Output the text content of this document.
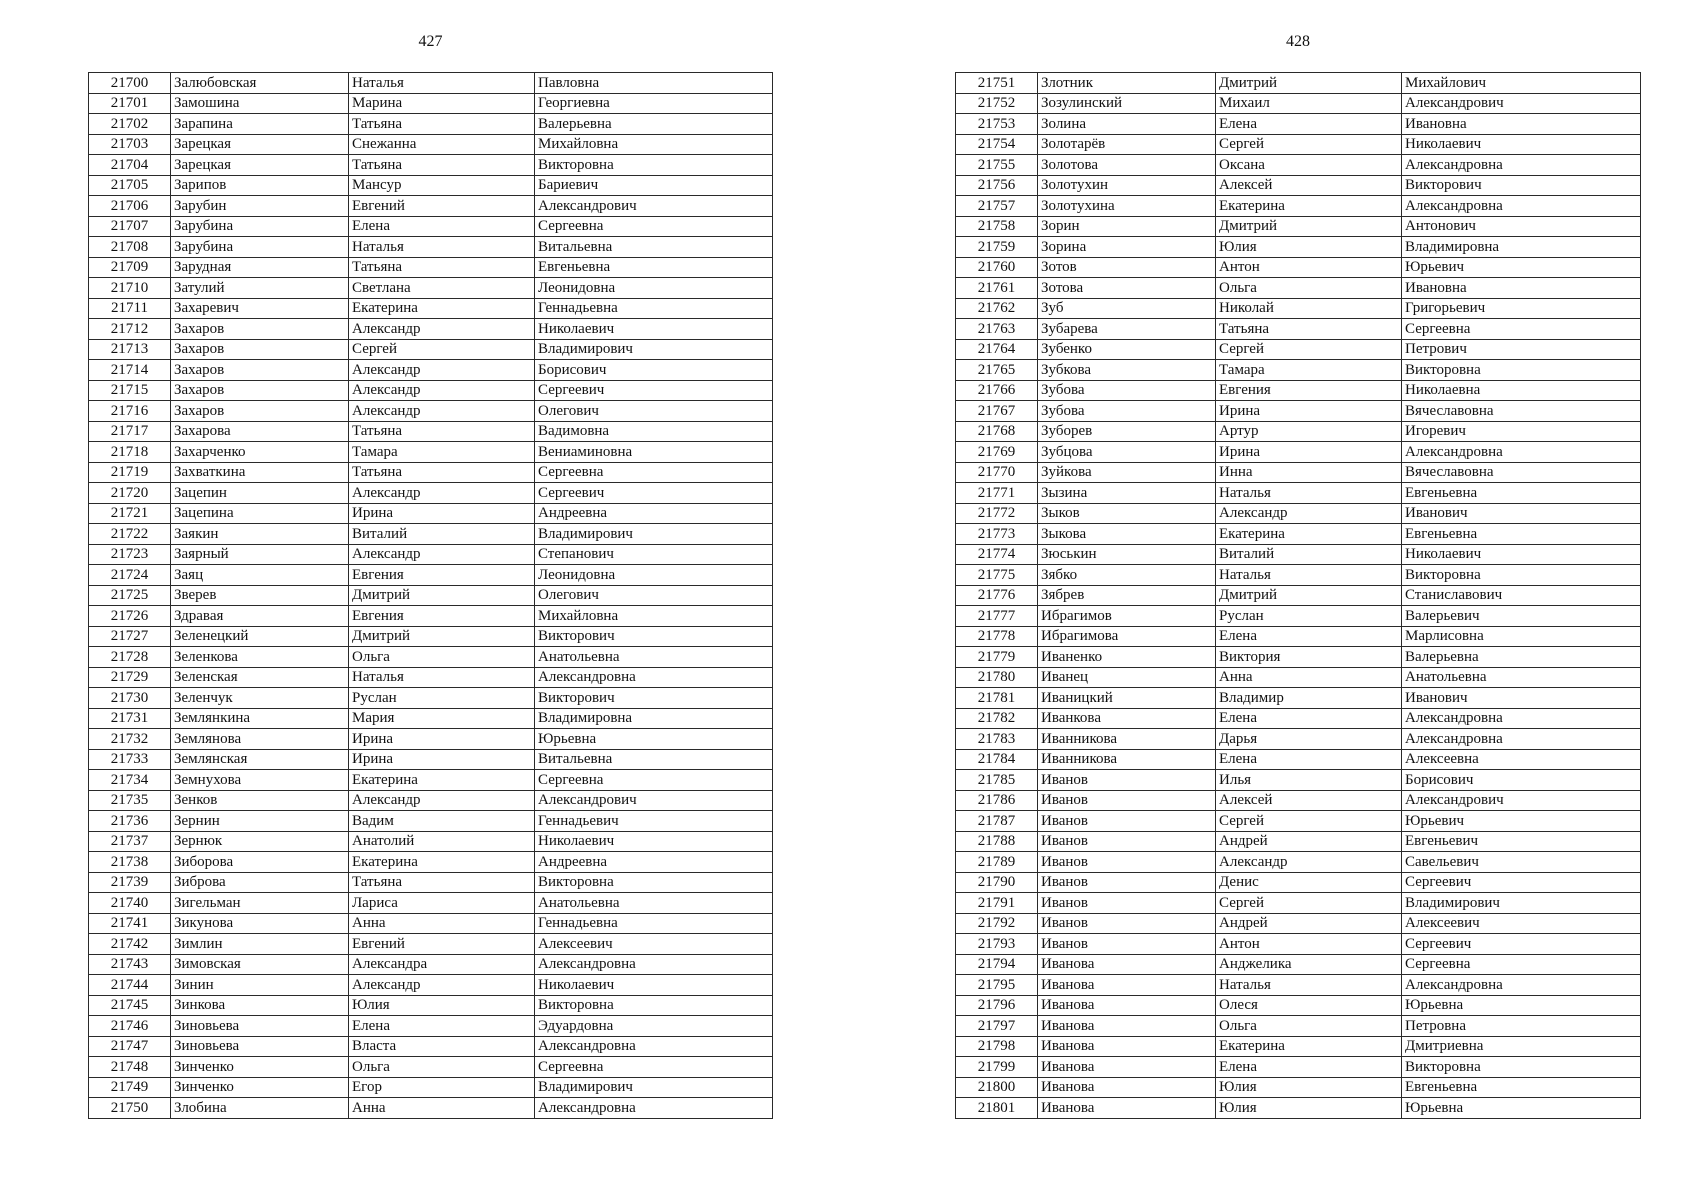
427
21700	Залюбовская	Наталья	Павловна
21701	Замошина	Марина	Георгиевна
21702	Зарапина	Татьяна	Валерьевна
21703	Зарецкая	Снежанна	Михайловна
21704	Зарецкая	Татьяна	Викторовна
21705	Зарипов	Мансур	Бариевич
21706	Зарубин	Евгений	Александрович
21707	Зарубина	Елена	Сергеевна
21708	Зарубина	Наталья	Витальевна
21709	Зарудная	Татьяна	Евгеньевна
21710	Затулий	Светлана	Леонидовна
21711	Захаревич	Екатерина	Геннадьевна
21712	Захаров	Александр	Николаевич
21713	Захаров	Сергей	Владимирович
21714	Захаров	Александр	Борисович
21715	Захаров	Александр	Сергеевич
21716	Захаров	Александр	Олегович
21717	Захарова	Татьяна	Вадимовна
21718	Захарченко	Тамара	Вениаминовна
21719	Захваткина	Татьяна	Сергеевна
21720	Зацепин	Александр	Сергеевич
21721	Зацепина	Ирина	Андреевна
21722	Заякин	Виталий	Владимирович
21723	Заярный	Александр	Степанович
21724	Заяц	Евгения	Леонидовна
21725	Зверев	Дмитрий	Олегович
21726	Здравая	Евгения	Михайловна
21727	Зеленецкий	Дмитрий	Викторович
21728	Зеленкова	Ольга	Анатольевна
21729	Зеленская	Наталья	Александровна
21730	Зеленчук	Руслан	Викторович
21731	Землянкина	Мария	Владимировна
21732	Землянова	Ирина	Юрьевна
21733	Землянская	Ирина	Витальевна
21734	Земнухова	Екатерина	Сергеевна
21735	Зенков	Александр	Александрович
21736	Зернин	Вадим	Геннадьевич
21737	Зернюк	Анатолий	Николаевич
21738	Зиборова	Екатерина	Андреевна
21739	Зиброва	Татьяна	Викторовна
21740	Зигельман	Лариса	Анатольевна
21741	Зикунова	Анна	Геннадьевна
21742	Зимлин	Евгений	Алексеевич
21743	Зимовская	Александра	Александровна
21744	Зинин	Александр	Николаевич
21745	Зинкова	Юлия	Викторовна
21746	Зиновьева	Елена	Эдуардовна
21747	Зиновьева	Власта	Александровна
21748	Зинченко	Ольга	Сергеевна
21749	Зинченко	Егор	Владимирович
21750	Злобина	Анна	Александровна
428
21751	Злотник	Дмитрий	Михайлович
21752	Зозулинский	Михаил	Александрович
21753	Золина	Елена	Ивановна
21754	Золотарёв	Сергей	Николаевич
21755	Золотова	Оксана	Александровна
21756	Золотухин	Алексей	Викторович
21757	Золотухина	Екатерина	Александровна
21758	Зорин	Дмитрий	Антонович
21759	Зорина	Юлия	Владимировна
21760	Зотов	Антон	Юрьевич
21761	Зотова	Ольга	Ивановна
21762	Зуб	Николай	Григорьевич
21763	Зубарева	Татьяна	Сергеевна
21764	Зубенко	Сергей	Петрович
21765	Зубкова	Тамара	Викторовна
21766	Зубова	Евгения	Николаевна
21767	Зубова	Ирина	Вячеславовна
21768	Зуборев	Артур	Игоревич
21769	Зубцова	Ирина	Александровна
21770	Зуйкова	Инна	Вячеславовна
21771	Зызина	Наталья	Евгеньевна
21772	Зыков	Александр	Иванович
21773	Зыкова	Екатерина	Евгеньевна
21774	Зюськин	Виталий	Николаевич
21775	Зябко	Наталья	Викторовна
21776	Зябрев	Дмитрий	Станиславович
21777	Ибрагимов	Руслан	Валерьевич
21778	Ибрагимова	Елена	Марлисовна
21779	Иваненко	Виктория	Валерьевна
21780	Иванец	Анна	Анатольевна
21781	Иваницкий	Владимир	Иванович
21782	Иванкова	Елена	Александровна
21783	Иванникова	Дарья	Александровна
21784	Иванникова	Елена	Алексеевна
21785	Иванов	Илья	Борисович
21786	Иванов	Алексей	Александрович
21787	Иванов	Сергей	Юрьевич
21788	Иванов	Андрей	Евгеньевич
21789	Иванов	Александр	Савельевич
21790	Иванов	Денис	Сергеевич
21791	Иванов	Сергей	Владимирович
21792	Иванов	Андрей	Алексеевич
21793	Иванов	Антон	Сергеевич
21794	Иванова	Анджелика	Сергеевна
21795	Иванова	Наталья	Александровна
21796	Иванова	Олеся	Юрьевна
21797	Иванова	Ольга	Петровна
21798	Иванова	Екатерина	Дмитриевна
21799	Иванова	Елена	Викторовна
21800	Иванова	Юлия	Евгеньевна
21801	Иванова	Юлия	Юрьевна
